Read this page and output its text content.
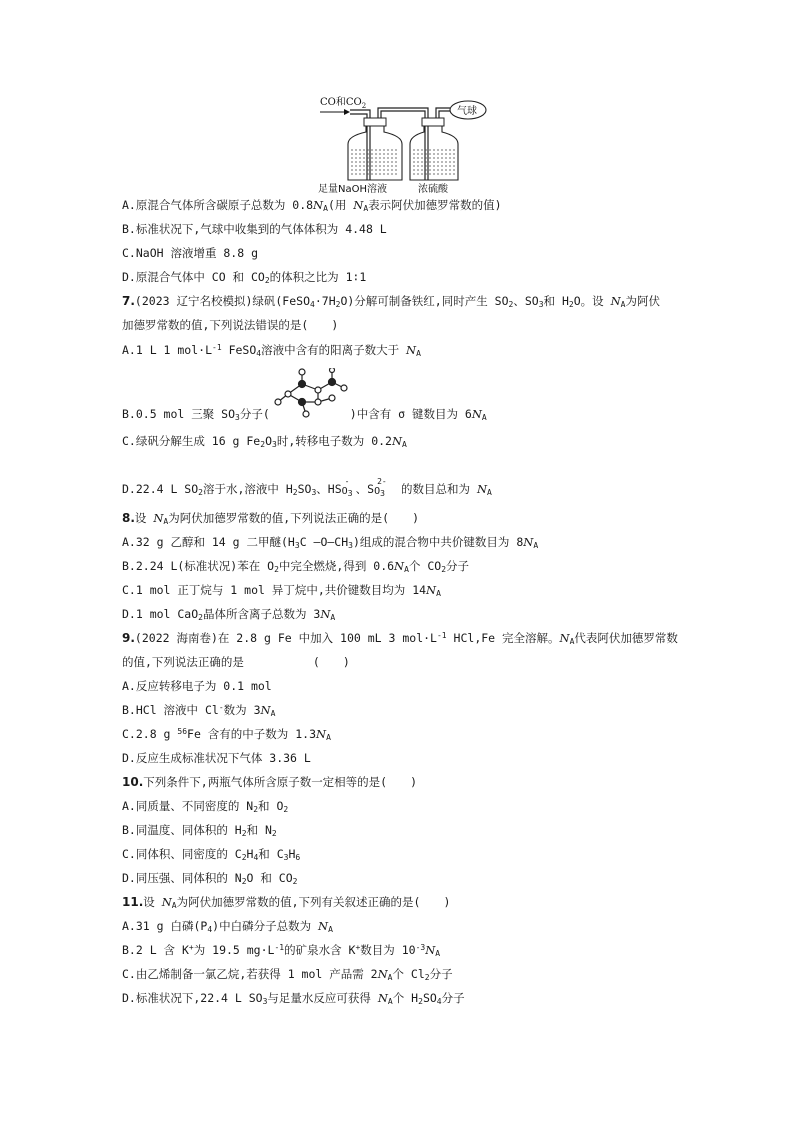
CO和$CO_2$	气球
足量NaOH溶液	浓硫酸
A.原混合气体所含碳原子总数为 $0.8N_A$(用 $N_A$表示阿伏加德罗常数的值)
B.标准状况下,气球中收集到的气体体积为 4.48 L
C.NaOH 溶液增重 8.8 g
D.原混合气体中 CO 和 $CO_2$的体积之比为 1∶1
7.(2023 辽宁名校模拟)绿矾$(FeSO_4\cdot 7H_2O)$分解可制备铁红,同时产生 $SO_2$、$SO_3$和 $H_2O$。设 $N_A$为阿伏
加德罗常数的值,下列说法错误的是(　　)
A.1 L 1 $mol\cdot L^{-1}$ FeSO$_4$溶液中含有的阳离子数大于 $N_A$
B.0.5 mol 三聚 $SO_3$分子(	)中含有 σ 键数目为 $6N_A$
C.绿矾分解生成 16 g $Fe_2O_3$时,转移电子数为 $0.2N_A$
D.22.4 L $SO_2$溶于水,溶液中 $H_2SO_3$、HS
-
$O_3$ 、S
2-
$O_3$ 的数目总和为 $N_A$
8.设 $N_A$为阿伏加德罗常数的值,下列说法正确的是(　　)
A.32 g 乙醇和 14 g 二甲醚($H_3C$ $—O—CH_3$)组成的混合物中共价键数目为 $8N_A$
B.2.24 L(标准状况)苯在 $O_2$中完全燃烧,得到 $0.6N_A$个 $CO_2$分子
C.1 mol 正丁烷与 1 mol 异丁烷中,共价键数目均为 $14N_A$
D.1 mol CaO$_2$晶体所含离子总数为 $3N_A$
9.(2022 海南卷)在 2.8 g Fe 中加入 100 mL 3 $mol\cdot L^{-1}$ HCl,Fe 完全溶解。$N_A$代表阿伏加德罗常数
的值,下列说法正确的是　　　　　　(　　)
A.反应转移电子为 0.1 mol
B.HCl 溶液中 Cl-数为 $3N_A$
C.2.8 g $^{56}$Fe 含有的中子数为 $1.3N_A$
D.反应生成标准状况下气体 3.36 L
10.下列条件下,两瓶气体所含原子数一定相等的是(　　)
A.同质量、不同密度的 $N_2$和 $O_2$
B.同温度、同体积的 $H_2$和 $N_2$
C.同体积、同密度的 $C_2H_4$和 $C_3H_6$
D.同压强、同体积的 $N_2O$ 和 $CO_2$
11.设 $N_A$为阿伏加德罗常数的值,下列有关叙述正确的是(　　)
A.31 g 白磷$(P_4)$中白磷分子总数为 $N_A$
B.2 L 含 K+为 19.5 $mg\cdot L^{-1}$的矿泉水含 K+数目为 $10^{-3}N_A$
C.由乙烯制备一氯乙烷,若获得 1 mol 产品需 $2N_A$个 $Cl_2$分子
D.标准状况下,22.4 L $SO_3$与足量水反应可获得 $N_A$个 $H_2SO_4$分子
